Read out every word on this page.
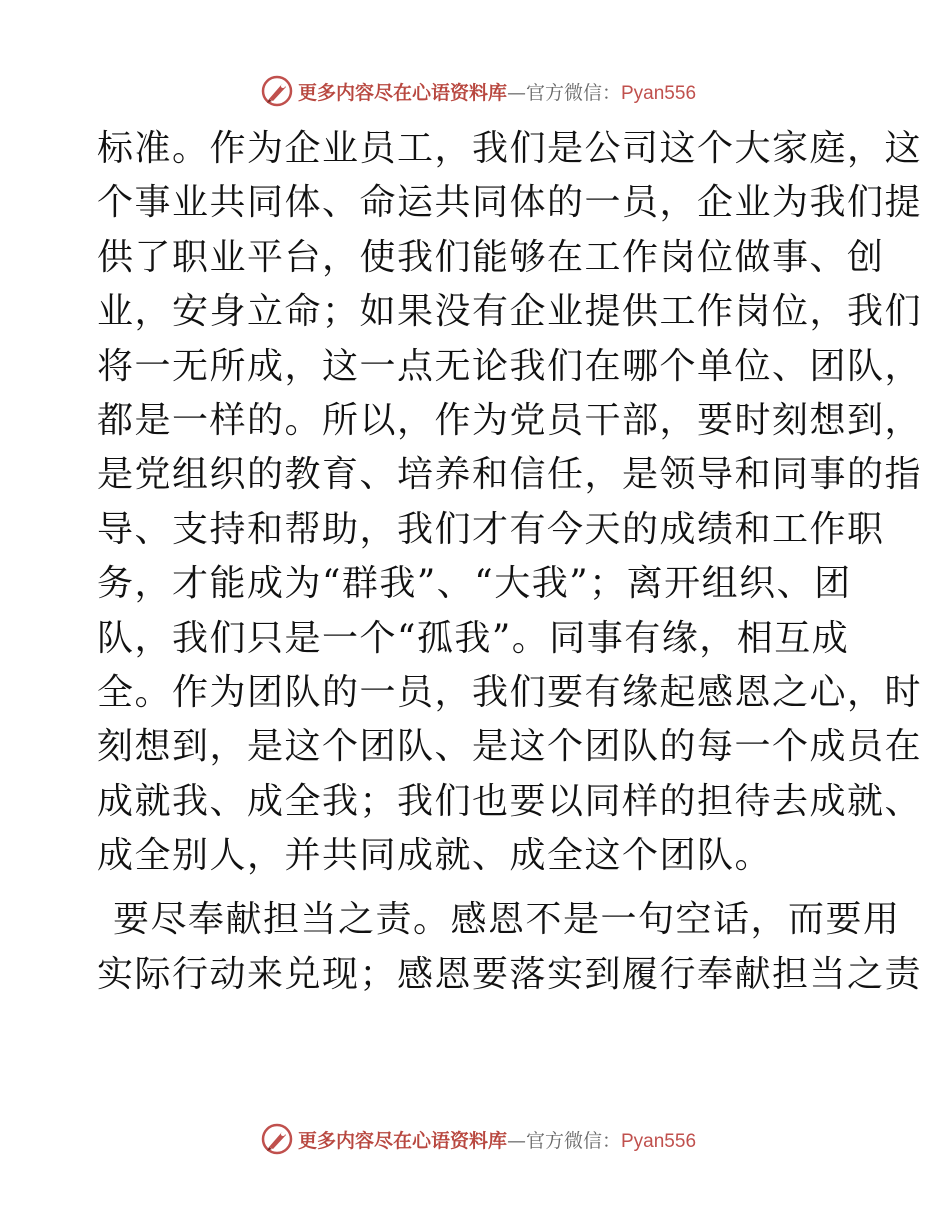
更多内容尽在心语资料库—官方微信：Pyan556
标准。作为企业员工，我们是公司这个大家庭，这
个事业共同体、命运共同体的一员，企业为我们提
供了职业平台，使我们能够在工作岗位做事、创
业，安身立命；如果没有企业提供工作岗位，我们
将一无所成，这一点无论我们在哪个单位、团队，
都是一样的。所以，作为党员干部，要时刻想到，
是党组织的教育、培养和信任，是领导和同事的指
导、支持和帮助，我们才有今天的成绩和工作职
务，才能成为“群我”、“大我”；离开组织、团
队，我们只是一个“孤我”。同事有缘，相互成
全。作为团队的一员，我们要有缘起感恩之心，时
刻想到，是这个团队、是这个团队的每一个成员在
成就我、成全我；我们也要以同样的担待去成就、
成全别人，并共同成就、成全这个团队。
要尽奉献担当之责。感恩不是一句空话，而要用
实际行动来兑现；感恩要落实到履行奉献担当之责
更多内容尽在心语资料库—官方微信：Pyan556
